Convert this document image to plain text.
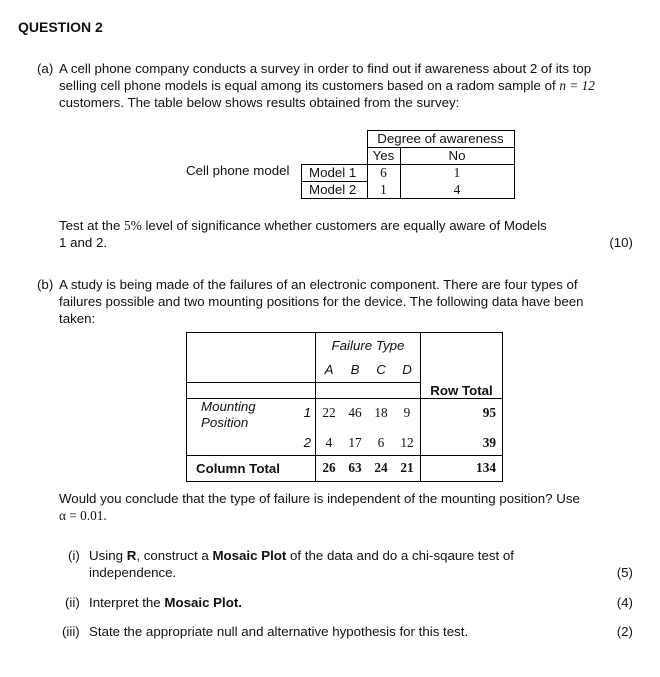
QUESTION 2
(a) A cell phone company conducts a survey in order to find out if awareness about 2 of its top
selling cell phone models is equal among its customers based on a radom sample of n = 12
customers. The table below shows results obtained from the survey:
Cell phone model
	Degree of awareness	
	Yes	No
Model 1	6	1
Model 2	1	4
Test at the 5% level of significance whether customers are equally aware of Models
1 and 2.	(10)
(b) A study is being made of the failures of an electronic component. There are four types of
failures possible and two mounting positions for the device. The following data have been
taken:
		Failure Type				
		A	B	C	D	
						Row Total

Mounting
Position	1	22	46	18	9	95
	2	4	17	6	12	39
Column Total		26	63	24	21	134
Would you conclude that the type of failure is independent of the mounting position? Use
α = 0.01.
(i) Using R, construct a Mosaic Plot of the data and do a chi-sqaure test of
independence.	(5)
(ii) Interpret the Mosaic Plot.	(4)
(iii) State the appropriate null and alternative hypothesis for this test.	(2)
